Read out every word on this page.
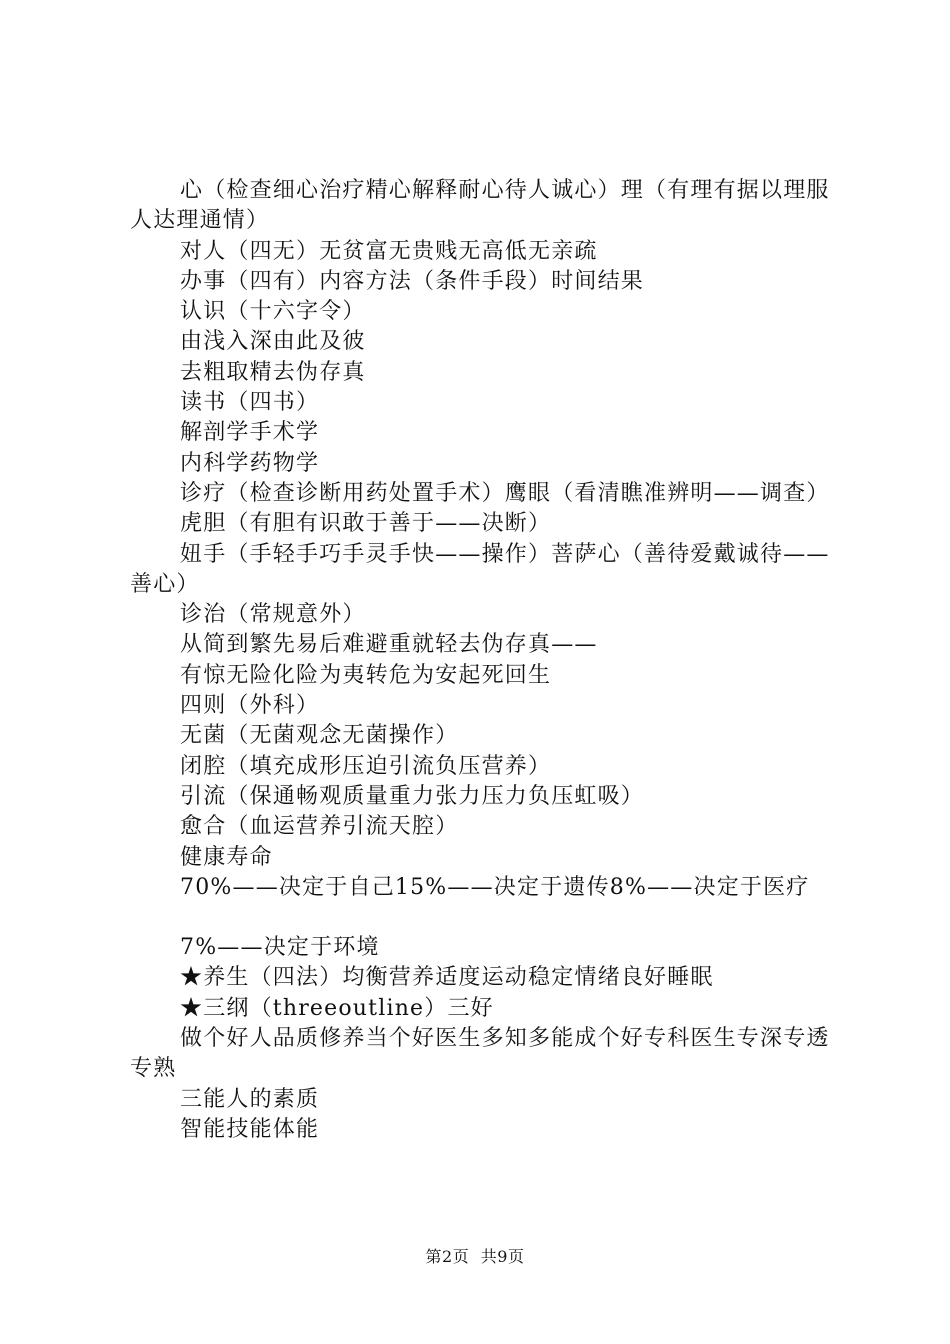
心（检查细心治疗精心解释耐心待人诚心）理（有理有据以理服人达理通情）

对人（四无）无贫富无贵贱无高低无亲疏

办事（四有）内容方法（条件手段）时间结果

认识（十六字令）

由浅入深由此及彼

去粗取精去伪存真

读书（四书）

解剖学手术学

内科学药物学

诊疗（检查诊断用药处置手术）鹰眼（看清瞧准辨明——调查）

虎胆（有胆有识敢于善于——决断）

妞手（手轻手巧手灵手快——操作）菩萨心（善待爱戴诚待——善心）

诊治（常规意外）

从简到繁先易后难避重就轻去伪存真——

有惊无险化险为夷转危为安起死回生

四则（外科）

无菌（无菌观念无菌操作）

闭腔（填充成形压迫引流负压营养）

引流（保通畅观质量重力张力压力负压虹吸）

愈合（血运营养引流天腔）

健康寿命

70%——决定于自己15%——决定于遗传8%——决定于医疗

7%——决定于环境

★养生（四法）均衡营养适度运动稳定情绪良好睡眠

★三纲（threeoutline）三好

做个好人品质修养当个好医生多知多能成个好专科医生专深专透专熟

三能人的素质

智能技能体能

第2页 共9页
